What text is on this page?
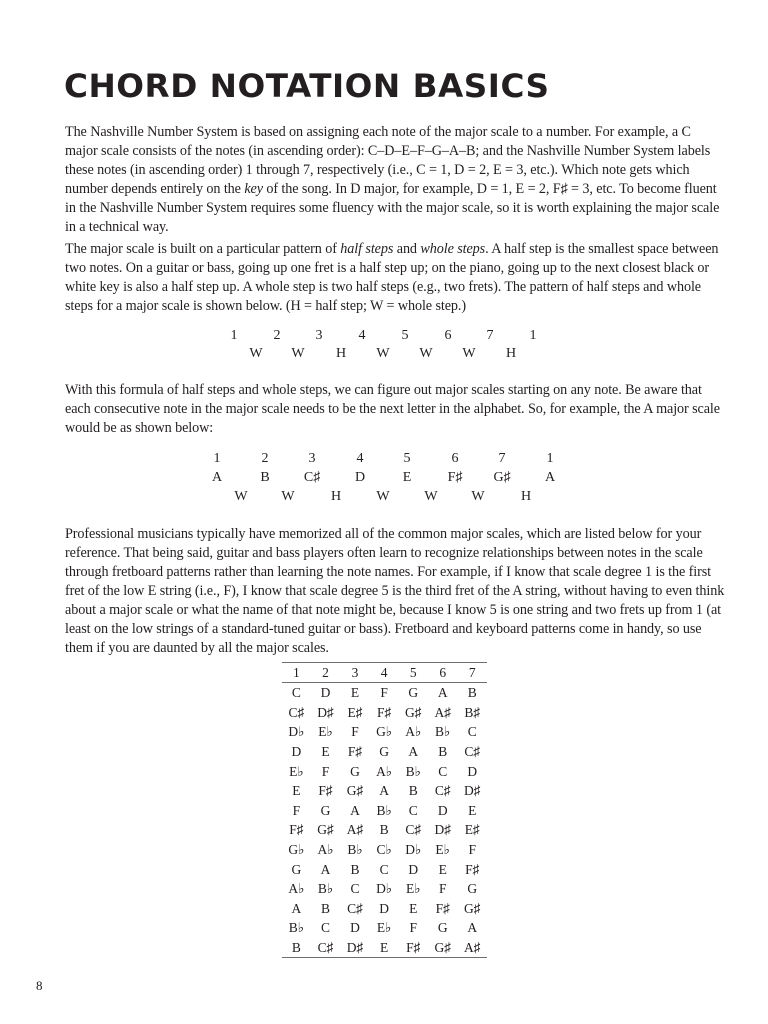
CHORD NOTATION BASICS

The Nashville Number System is based on assigning each note of the major scale to a number. For example, a C major scale consists of the notes (in ascending order): C–D–E–F–G–A–B; and the Nashville Number System labels these notes (in ascending order) 1 through 7, respectively (i.e., C = 1, D = 2, E = 3, etc.). Which note gets which number depends entirely on the key of the song. In D major, for example, D = 1, E = 2, F♯ = 3, etc. To become fluent in the Nashville Number System requires some fluency with the major scale, so it is worth explaining the major scale in a technical way.

The major scale is built on a particular pattern of half steps and whole steps. A half step is the smallest space between two notes. On a guitar or bass, going up one fret is a half step up; on the piano, going up to the next closest black or white key is also a half step up. A whole step is two half steps (e.g., two frets). The pattern of half steps and whole steps for a major scale is shown below. (H = half step; W = whole step.)

1	2	3	4	5	6	7	1
W	W	H	W	W	W	H

With this formula of half steps and whole steps, we can figure out major scales starting on any note. Be aware that each consecutive note in the major scale needs to be the next letter in the alphabet. So, for example, the A major scale would be as shown below:

1	2	3	4	5	6	7	1
A	B	C♯	D	E	F♯	G♯	A
W	W	H	W	W	W	H

Professional musicians typically have memorized all of the common major scales, which are listed below for your reference. That being said, guitar and bass players often learn to recognize relationships between notes in the scale through fretboard patterns rather than learning the note names. For example, if I know that scale degree 1 is the first fret of the low E string (i.e., F), I know that scale degree 5 is the third fret of the A string, without having to even think about a major scale or what the name of that note might be, because I know 5 is one string and two frets up from 1 (at least on the low strings of a standard-tuned guitar or bass). Fretboard and keyboard patterns come in handy, so use them if you are daunted by all the major scales.

1	2	3	4	5	6	7
C	D	E	F	G	A	B
C♯	D♯	E♯	F♯	G♯	A♯	B♯
D♭	E♭	F	G♭	A♭	B♭	C
D	E	F♯	G	A	B	C♯
E♭	F	G	A♭	B♭	C	D
E	F♯	G♯	A	B	C♯	D♯
F	G	A	B♭	C	D	E
F♯	G♯	A♯	B	C♯	D♯	E♯
G♭	A♭	B♭	C♭	D♭	E♭	F
G	A	B	C	D	E	F♯
A♭	B♭	C	D♭	E♭	F	G
A	B	C♯	D	E	F♯	G♯
B♭	C	D	E♭	F	G	A
B	C♯	D♯	E	F♯	G♯	A♯
8
